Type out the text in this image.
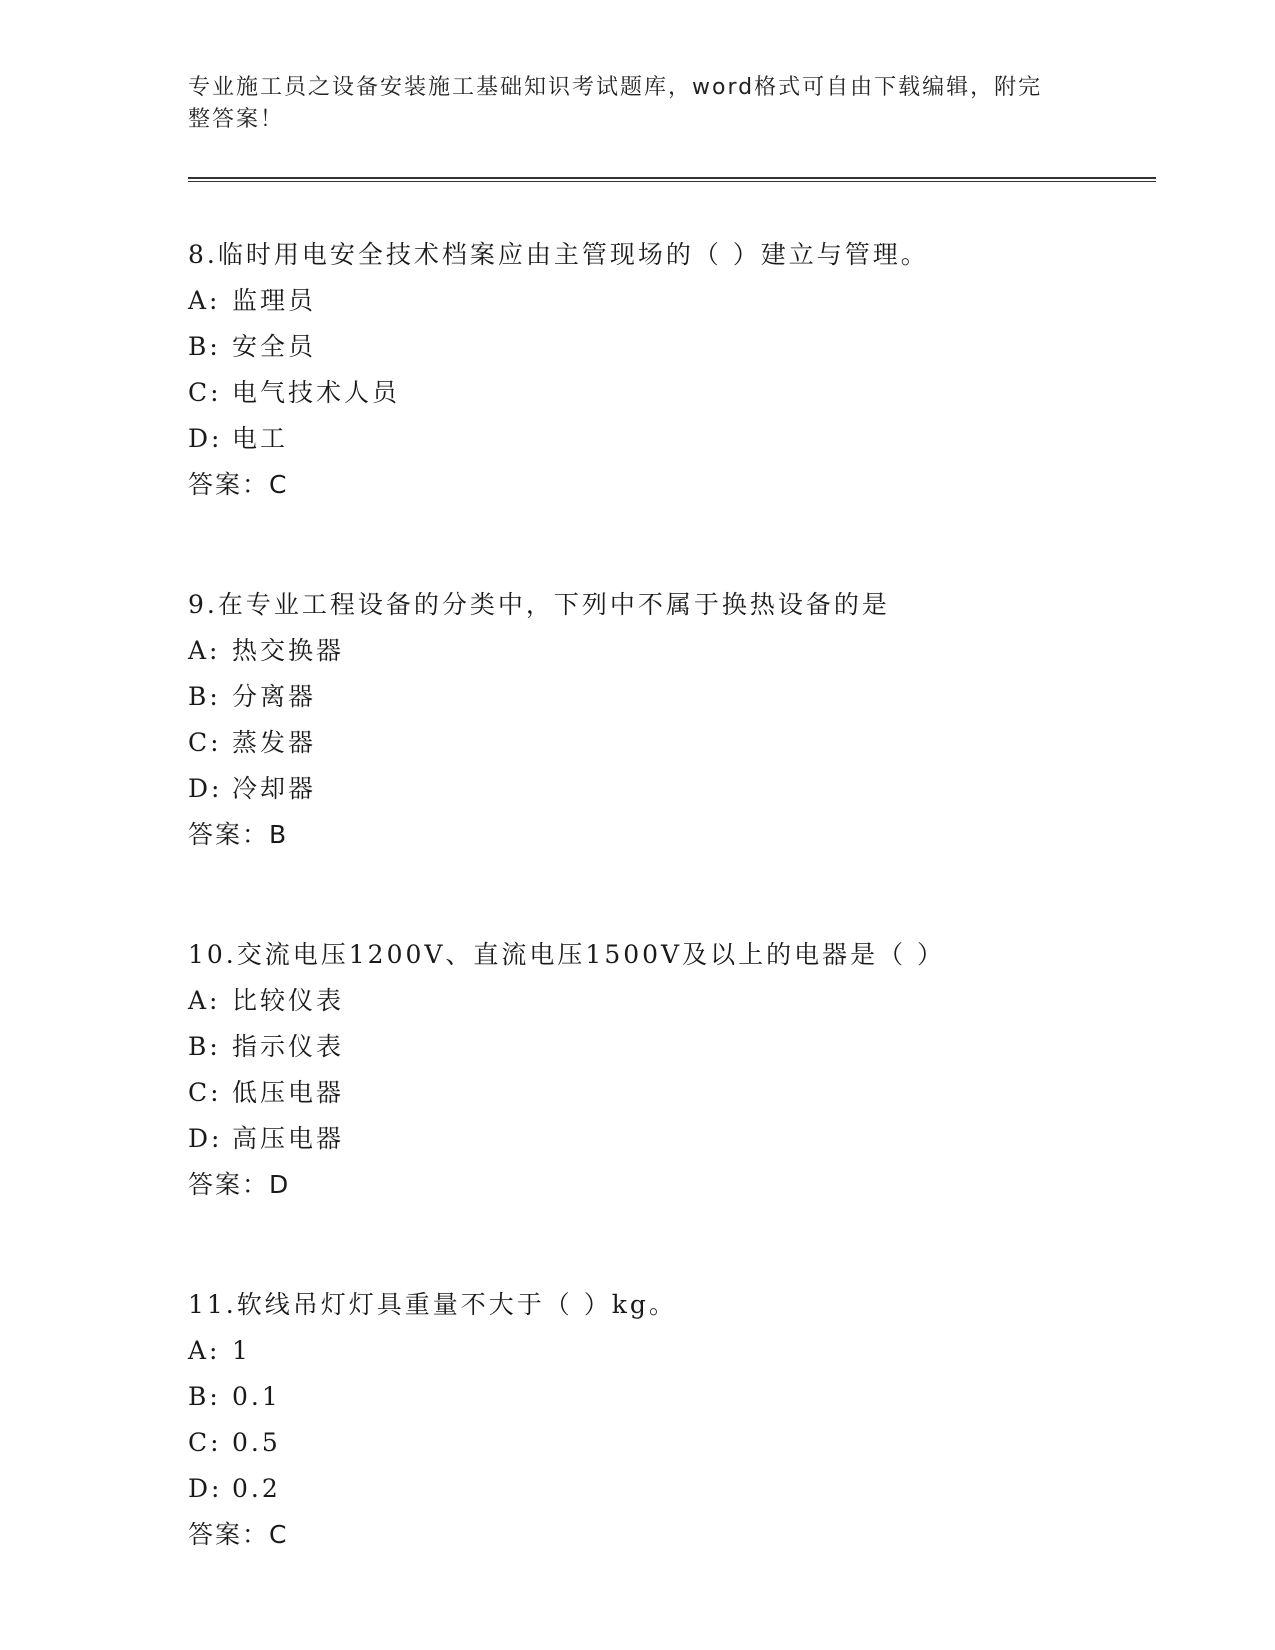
专业施工员之设备安装施工基础知识考试题库，word格式可自由下载编辑，附完
整答案！
8.临时用电安全技术档案应由主管现场的（ ）建立与管理。
A: 监理员
B: 安全员
C: 电气技术人员
D: 电工
答案：C
9.在专业工程设备的分类中，下列中不属于换热设备的是
A: 热交换器
B: 分离器
C: 蒸发器
D: 冷却器
答案：B
10.交流电压1200V、直流电压1500V及以上的电器是（ ）
A: 比较仪表
B: 指示仪表
C: 低压电器
D: 高压电器
答案：D
11.软线吊灯灯具重量不大于（ ）kg。
A: 1
B: 0.1
C: 0.5
D: 0.2
答案：C
